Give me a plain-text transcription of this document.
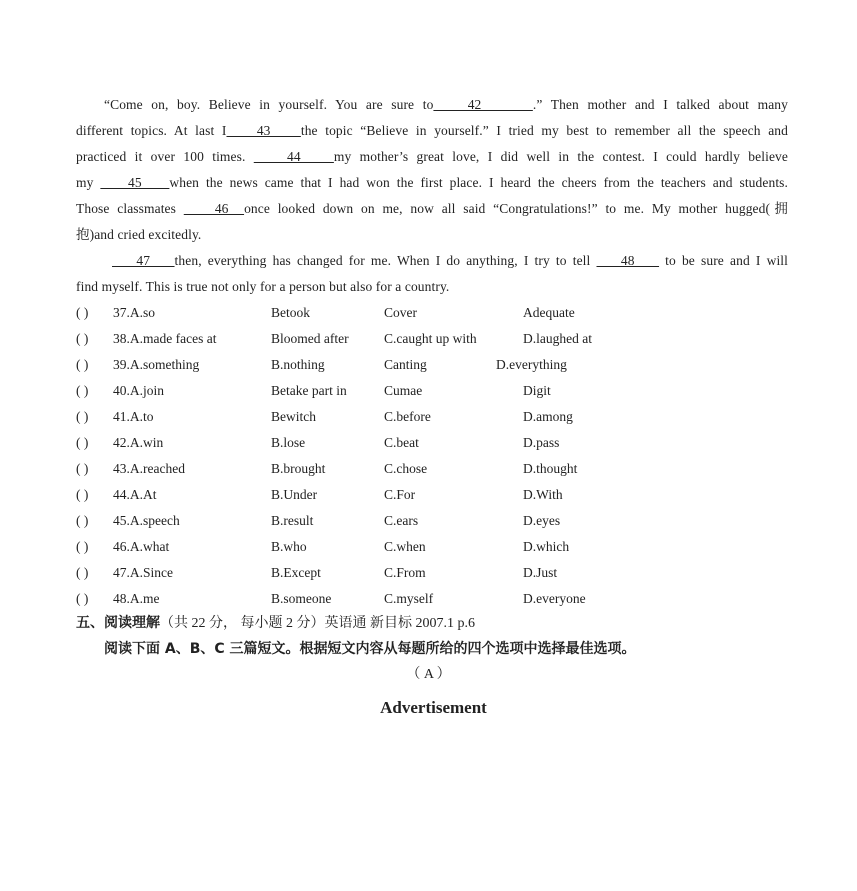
“Come on, boy. Believe in yourself. You are sure to    42      .” Then mother and I talked about many
different topics. At last I    43    the topic “Believe in yourself.” I tried my best to remember all the speech and
practiced it over 100 times.     44    my mother’s great love, I did well in the contest. I could hardly believe
my     45    when the news came that I had won the first place. I heard the cheers from the teachers and students.
Those classmates     46  once looked down on me, now all said “Congratulations!” to me. My mother hugged(拥
抱)and cried excitedly.
47    then, everything has changed for me. When I do anything, I try to tell     48     to be sure and I will
find myself. This is true not only for a person but also for a country.
( ) 37.A.so	Betook	Cover	Adequate
( ) 38.A.made faces at	Bloomed after	C.caught up with	D.laughed at
( ) 39.A.something	B.nothing	Canting	D.everything
( ) 40.A.join	Betake part in	Cumae	Digit
( ) 41.A.to	Bewitch	C.before	D.among
( ) 42.A.win	B.lose	C.beat	D.pass
( ) 43.A.reached	B.brought	C.chose	D.thought
( ) 44.A.At	B.Under	C.For	D.With
( ) 45.A.speech	B.result	C.ears	D.eyes
( ) 46.A.what	B.who	C.when	D.which
( ) 47.A.Since	B.Except	C.From	D.Just
( ) 48.A.me	B.someone	C.myself	D.everyone
五、阅读理解（共 22 分， 每小题 2 分）英语通 新目标 2007.1 p.6
阅读下面 A、B、C 三篇短文。根据短文内容从每题所给的四个选项中选择最佳选项。
（ A ）
Advertisement
